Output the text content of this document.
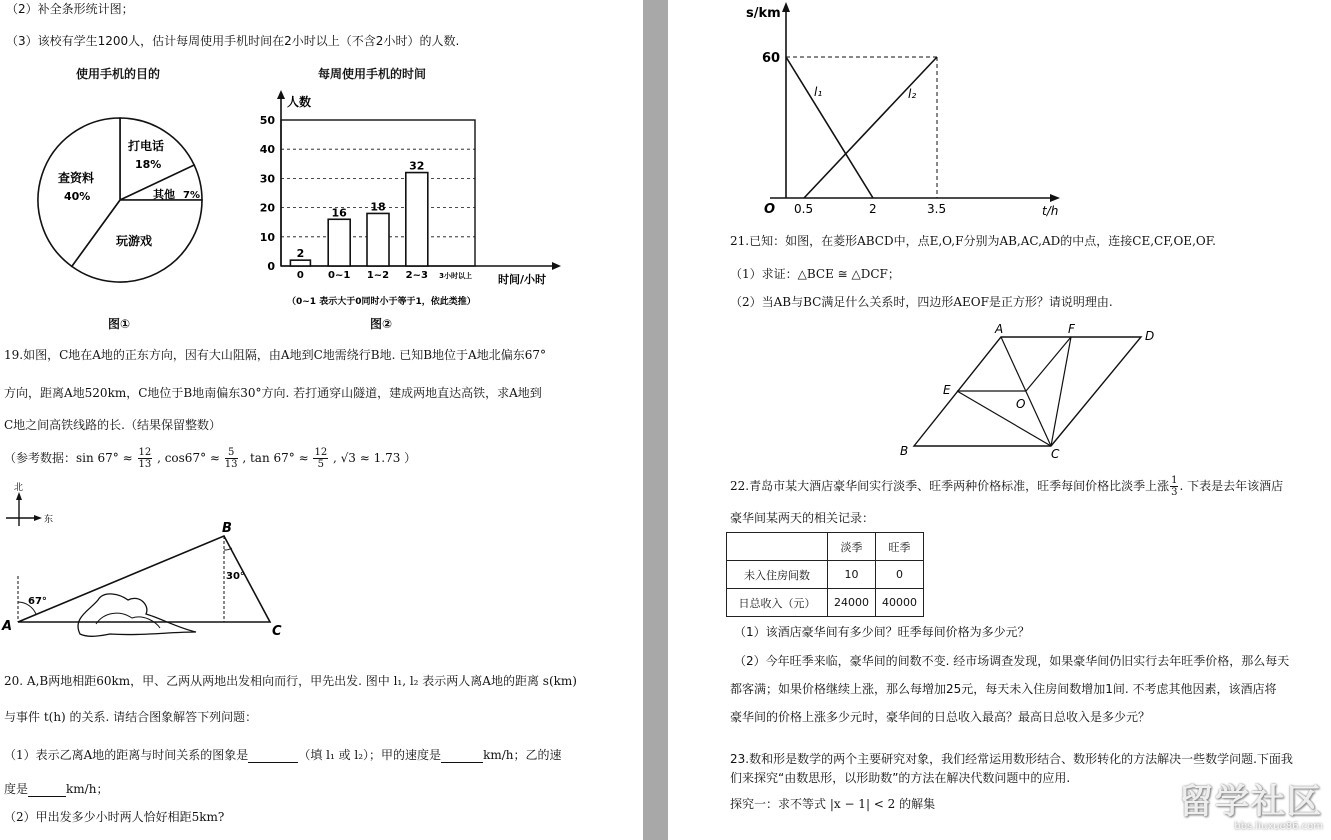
（2）补全条形统计图；
（3）该校有学生1200人，估计每周使用手机时间在2小时以上（不含2小时）的人数.
使用手机的目的
打电话
18%
其他 7%
玩游戏
查资料
40%
图①
每周使用手机的时间
0
10
20
30
40
50
2
0
16
0~1
18
1~2
32
2~3 3小时以上
人数
时间/小时
（0~1 表示大于0同时小于等于1，依此类推）
图②
19.如图，C地在A地的正东方向，因有大山阻隔，由A地到C地需绕行B地. 已知B地位于A地北偏东67°
方向，距离A地520km，C地位于B地南偏东30°方向. 若打通穿山隧道，建成两地直达高铁，求A地到
C地之间高铁线路的长.（结果保留整数）
（参考数据：$\sin 67^\circ \approx \frac{12}{13}$ , $\cos 67^\circ \approx \frac{5}{13}$ , $\tan 67^\circ \approx \frac{12}{5}$ , √3 ≈ 1.73 ）
北
东
A
B
C
67°
30°
20. A,B两地相距60km，甲、乙两从两地出发相向而行，甲先出发. 图中 l₁, l₂ 表示两人离A地的距离 s(km)
与事件 t(h) 的关系. 请结合图象解答下列问题：
（1）表示乙离A地的距离与时间关系的图象是	（填 l₁ 或 l₂）；甲的速度是	km/h；乙的速
度是	km/h；
（2）甲出发多少小时两人恰好相距5km?
s/km
60
O 0.5	2	3.5	t/h
l₁	l₂
21.已知：如图，在菱形ABCD中，点E,O,F分别为AB,AC,AD的中点，连接CE,CF,OE,OF.
（1）求证：△BCE ≅ △DCF；
（2）当AB与BC满足什么关系时，四边形AEOF是正方形？请说明理由.
A	F	D
E
O
B	C
22.青岛市某大酒店豪华间实行淡季、旺季两种价格标准，旺季每间价格比淡季上涨 $\frac{1}{3}$ . 下表是去年该酒店
豪华间某两天的相关记录：
	淡季	旺季
未入住房间数	10	0
日总收入（元）	24000	40000
（1）该酒店豪华间有多少间？旺季每间价格为多少元？
（2）今年旺季来临，豪华间的间数不变. 经市场调查发现，如果豪华间仍旧实行去年旺季价格，那么每天
都客满；如果价格继续上涨，那么每增加25元，每天未入住房间数增加1间. 不考虑其他因素，该酒店将
豪华间的价格上涨多少元时，豪华间的日总收入最高？最高日总收入是多少元？
23.数和形是数学的两个主要研究对象，我们经常运用数形结合、数形转化的方法解决一些数学问题.下面我
们来探究“由数思形，以形助数”的方法在解决代数问题中的应用.
探究一：求不等式 |x − 1| < 2 的解集	留学社区
bbs.liuxue86.com
